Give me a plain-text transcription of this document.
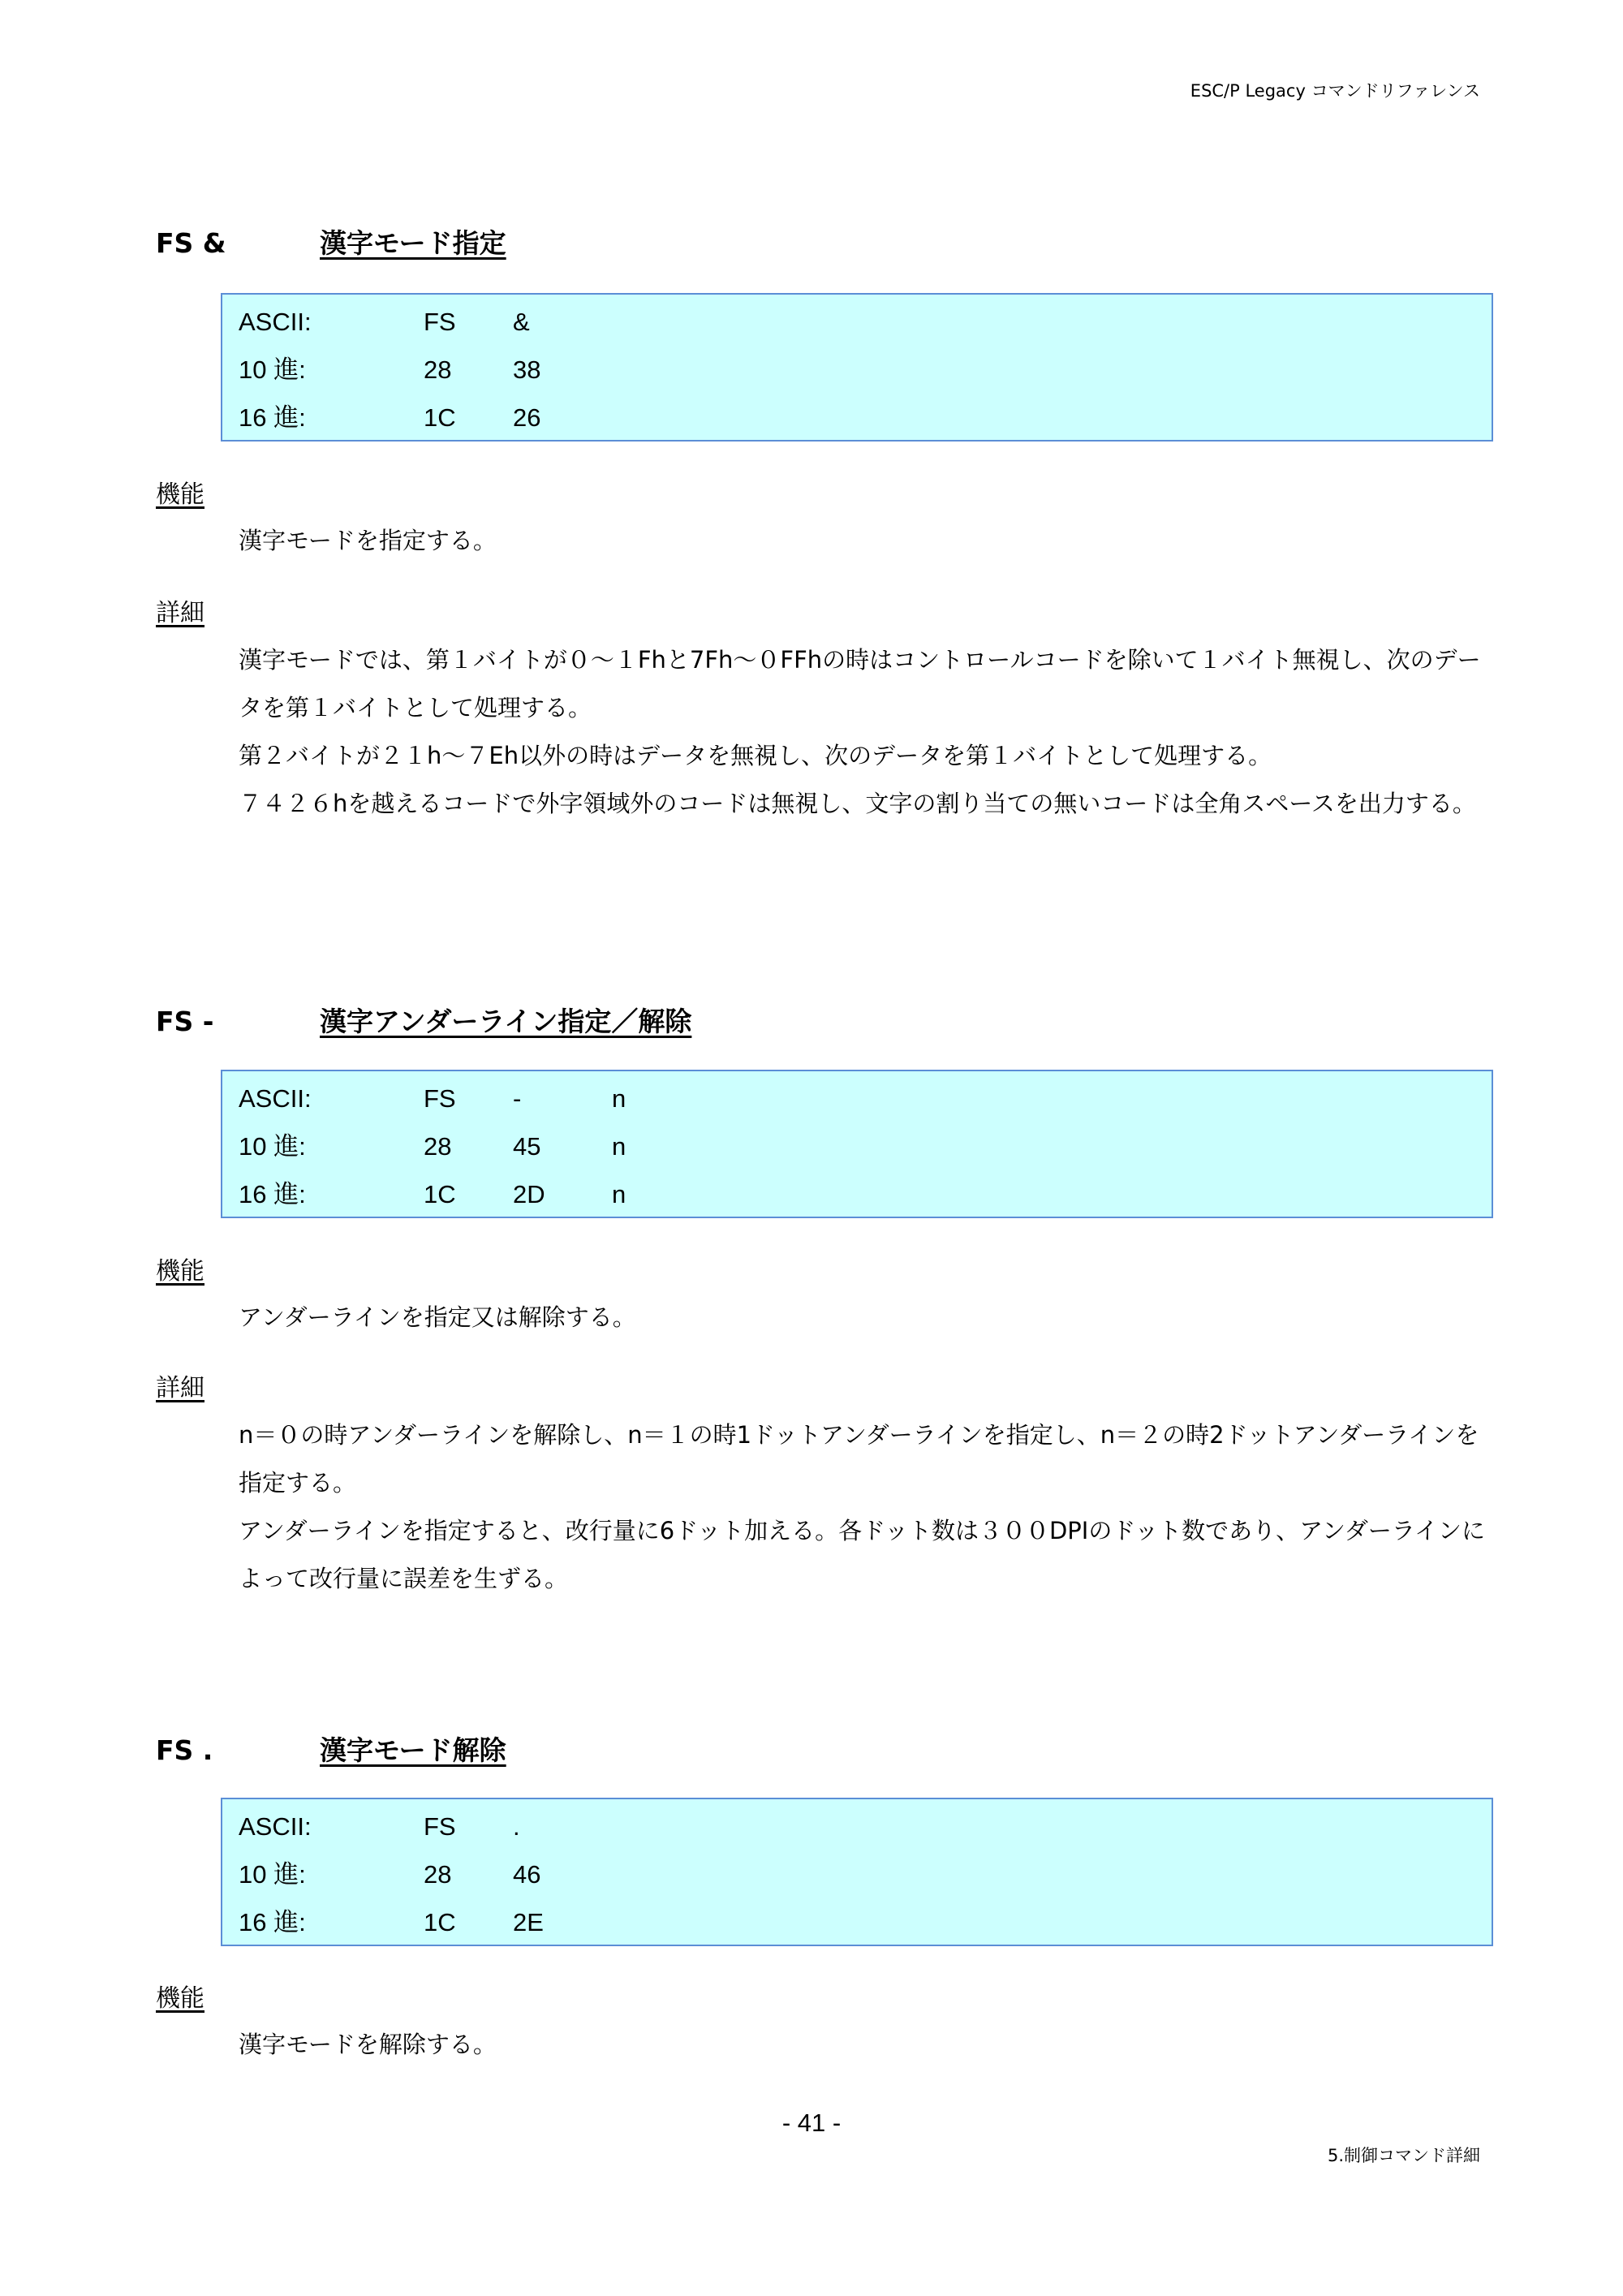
ESC/P Legacy コマンドリファレンス
FS &	漢字モード指定
ASCII:	FS &
10 進:	28 38
16 進:	1C 26
機能

漢字モードを指定する。

詳細

漢字モードでは、第１バイトが０～１Fhと7Fh～０FFhの時はコントロールコードを除いて１バイト無視し、次のデータを第１バイトとして処理する。

第２バイトが２１h～７Eh以外の時はデータを無視し、次のデータを第１バイトとして処理する。

７４２６hを越えるコードで外字領域外のコードは無視し、文字の割り当ての無いコードは全角スペースを出力する。

FS -	漢字アンダーライン指定／解除
ASCII:	FS -	n
10 進:	28 45	n
16 進:	1C 2D	n
機能

アンダーラインを指定又は解除する。

詳細

n＝０の時アンダーラインを解除し、n＝１の時1ドットアンダーラインを指定し、n＝２の時2ドットアンダーラインを指定する。

アンダーラインを指定すると、改行量に6ドット加える。各ドット数は３００DPIのドット数であり、アンダーラインによって改行量に誤差を生ずる。

FS .	漢字モード解除
ASCII:	FS .
10 進:	28 46
16 進:	1C 2E
機能

漢字モードを解除する。

- 41 -
5.制御コマンド詳細
